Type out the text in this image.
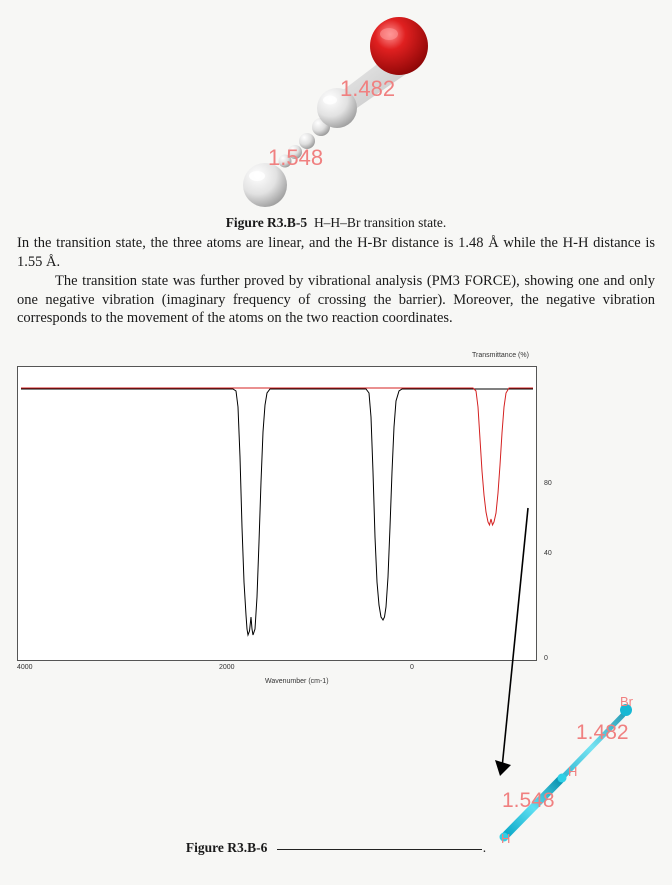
1.482
1.548
Figure R3.B-5 H–H–Br transition state.

In the transition state, the three atoms are linear, and the H-Br distance is 1.48 Å while the H-H distance is 1.55 Å.

The transition state was further proved by vibrational analysis (PM3 FORCE), showing one and only one negative vibration (imaginary frequency of crossing the barrier). Moreover, the negative vibration corresponds to the movement of the atoms on the two reaction coordinates.

Transmittance (%)
80
40
0
4000	2000	0
Wavenumber (cm-1)
Br
H
H
1.482
1.548
Figure R3.B-6	.
